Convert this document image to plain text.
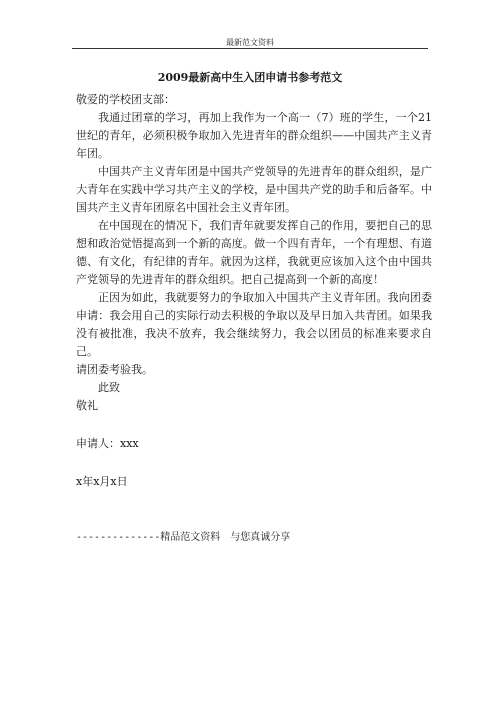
最新范文资料
2009最新高中生入团申请书参考范文
敬爱的学校团支部：

我通过团章的学习，再加上我作为一个高一（7）班的学生，一个21世纪的青年，必须积极争取加入先进青年的群众组织——中国共产主义青年团。

中国共产主义青年团是中国共产党领导的先进青年的群众组织，是广大青年在实践中学习共产主义的学校，是中国共产党的助手和后备军。中国共产主义青年团原名中国社会主义青年团。

在中国现在的情况下，我们青年就要发挥自己的作用，要把自己的思想和政治觉悟提高到一个新的高度。做一个四有青年，一个有理想、有道德、有文化，有纪律的青年。就因为这样，我就更应该加入这个由中国共产党领导的先进青年的群众组织。把自己提高到一个新的高度！

正因为如此，我就要努力的争取加入中国共产主义青年团。我向团委申请：我会用自己的实际行动去积极的争取以及早日加入共青团。如果我没有被批准，我决不放弃，我会继续努力，我会以团员的标准来要求自己。

请团委考验我。
此致
敬礼
申请人：xxx
x年x月x日
--------------精品范文资料　与您真诚分享
